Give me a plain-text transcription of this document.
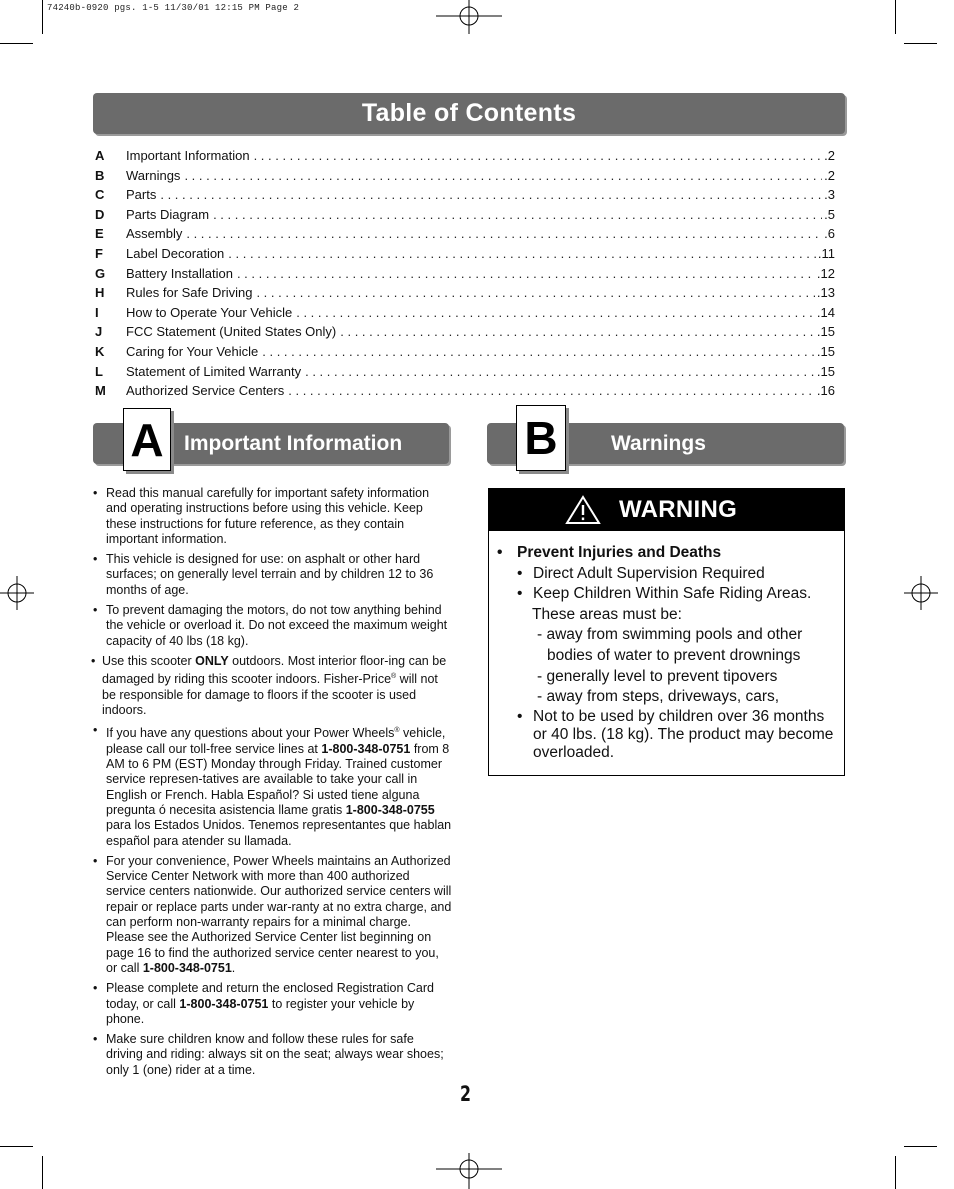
74240b-0920 pgs. 1-5 11/30/01 12:15 PM Page 2
Table of Contents
A	Important Information . . .	.2
B	Warnings . . .	.2
C	Parts . . .	.3
D	Parts Diagram . . .	.5
E	Assembly . . .	.6
F	Label Decoration . . .	.11
G	Battery Installation . . .	.12
H	Rules for Safe Driving . . .	.13
I	How to Operate Your Vehicle . . .	.14
J	FCC Statement (United States Only) . . .	.15
K	Caring for Your Vehicle . . .	.15
L	Statement of Limited Warranty . . .	.15
M	Authorized Service Centers . . .	.16
Important Information
A	Warnings
B
• Read this manual carefully for important safety information and operating instructions before using this vehicle. Keep these instructions for future reference, as they contain important information.
• This vehicle is designed for use: on asphalt or other hard surfaces; on generally level terrain and by children 12 to 36 months of age.
• To prevent damaging the motors, do not tow anything behind the vehicle or overload it. Do not exceed the maximum weight capacity of 40 lbs (18 kg).
• Use this scooter ONLY outdoors. Most interior floor-ing can be damaged by riding this scooter indoors. Fisher-Price® will not be responsible for damage to floors if the scooter is used indoors.
• If you have any questions about your Power Wheels® vehicle, please call our toll-free service lines at 1-800-348-0751 from 8 AM to 6 PM (EST) Monday through Friday. Trained customer service represen-tatives are available to take your call in English or French. Habla Español? Si usted tiene alguna pregunta ó necesita asistencia llame gratis 1-800-348-0755 para los Estados Unidos. Tenemos representantes que hablan español para atender su llamada.
• For your convenience, Power Wheels maintains an Authorized Service Center Network with more than 400 authorized service centers nationwide. Our authorized service centers will repair or replace parts under war-ranty at no extra charge, and can perform non-warranty repairs for a minimal charge. Please see the Authorized Service Center list beginning on page 16 to find the authorized service center nearest to you, or call 1-800-348-0751.
• Please complete and return the enclosed Registration Card today, or call 1-800-348-0751 to register your vehicle by phone.
• Make sure children know and follow these rules for safe driving and riding: always sit on the seat; always wear shoes; only 1 (one) rider at a time.
WARNING
• Prevent Injuries and Deaths
• Direct Adult Supervision Required
• Keep Children Within Safe Riding Areas.
These areas must be:
- away from swimming pools and other
bodies of water to prevent drownings
- generally level to prevent tipovers
- away from steps, driveways, cars,
• Not to be used by children over 36 months or 40 lbs. (18 kg). The product may become overloaded.
2
